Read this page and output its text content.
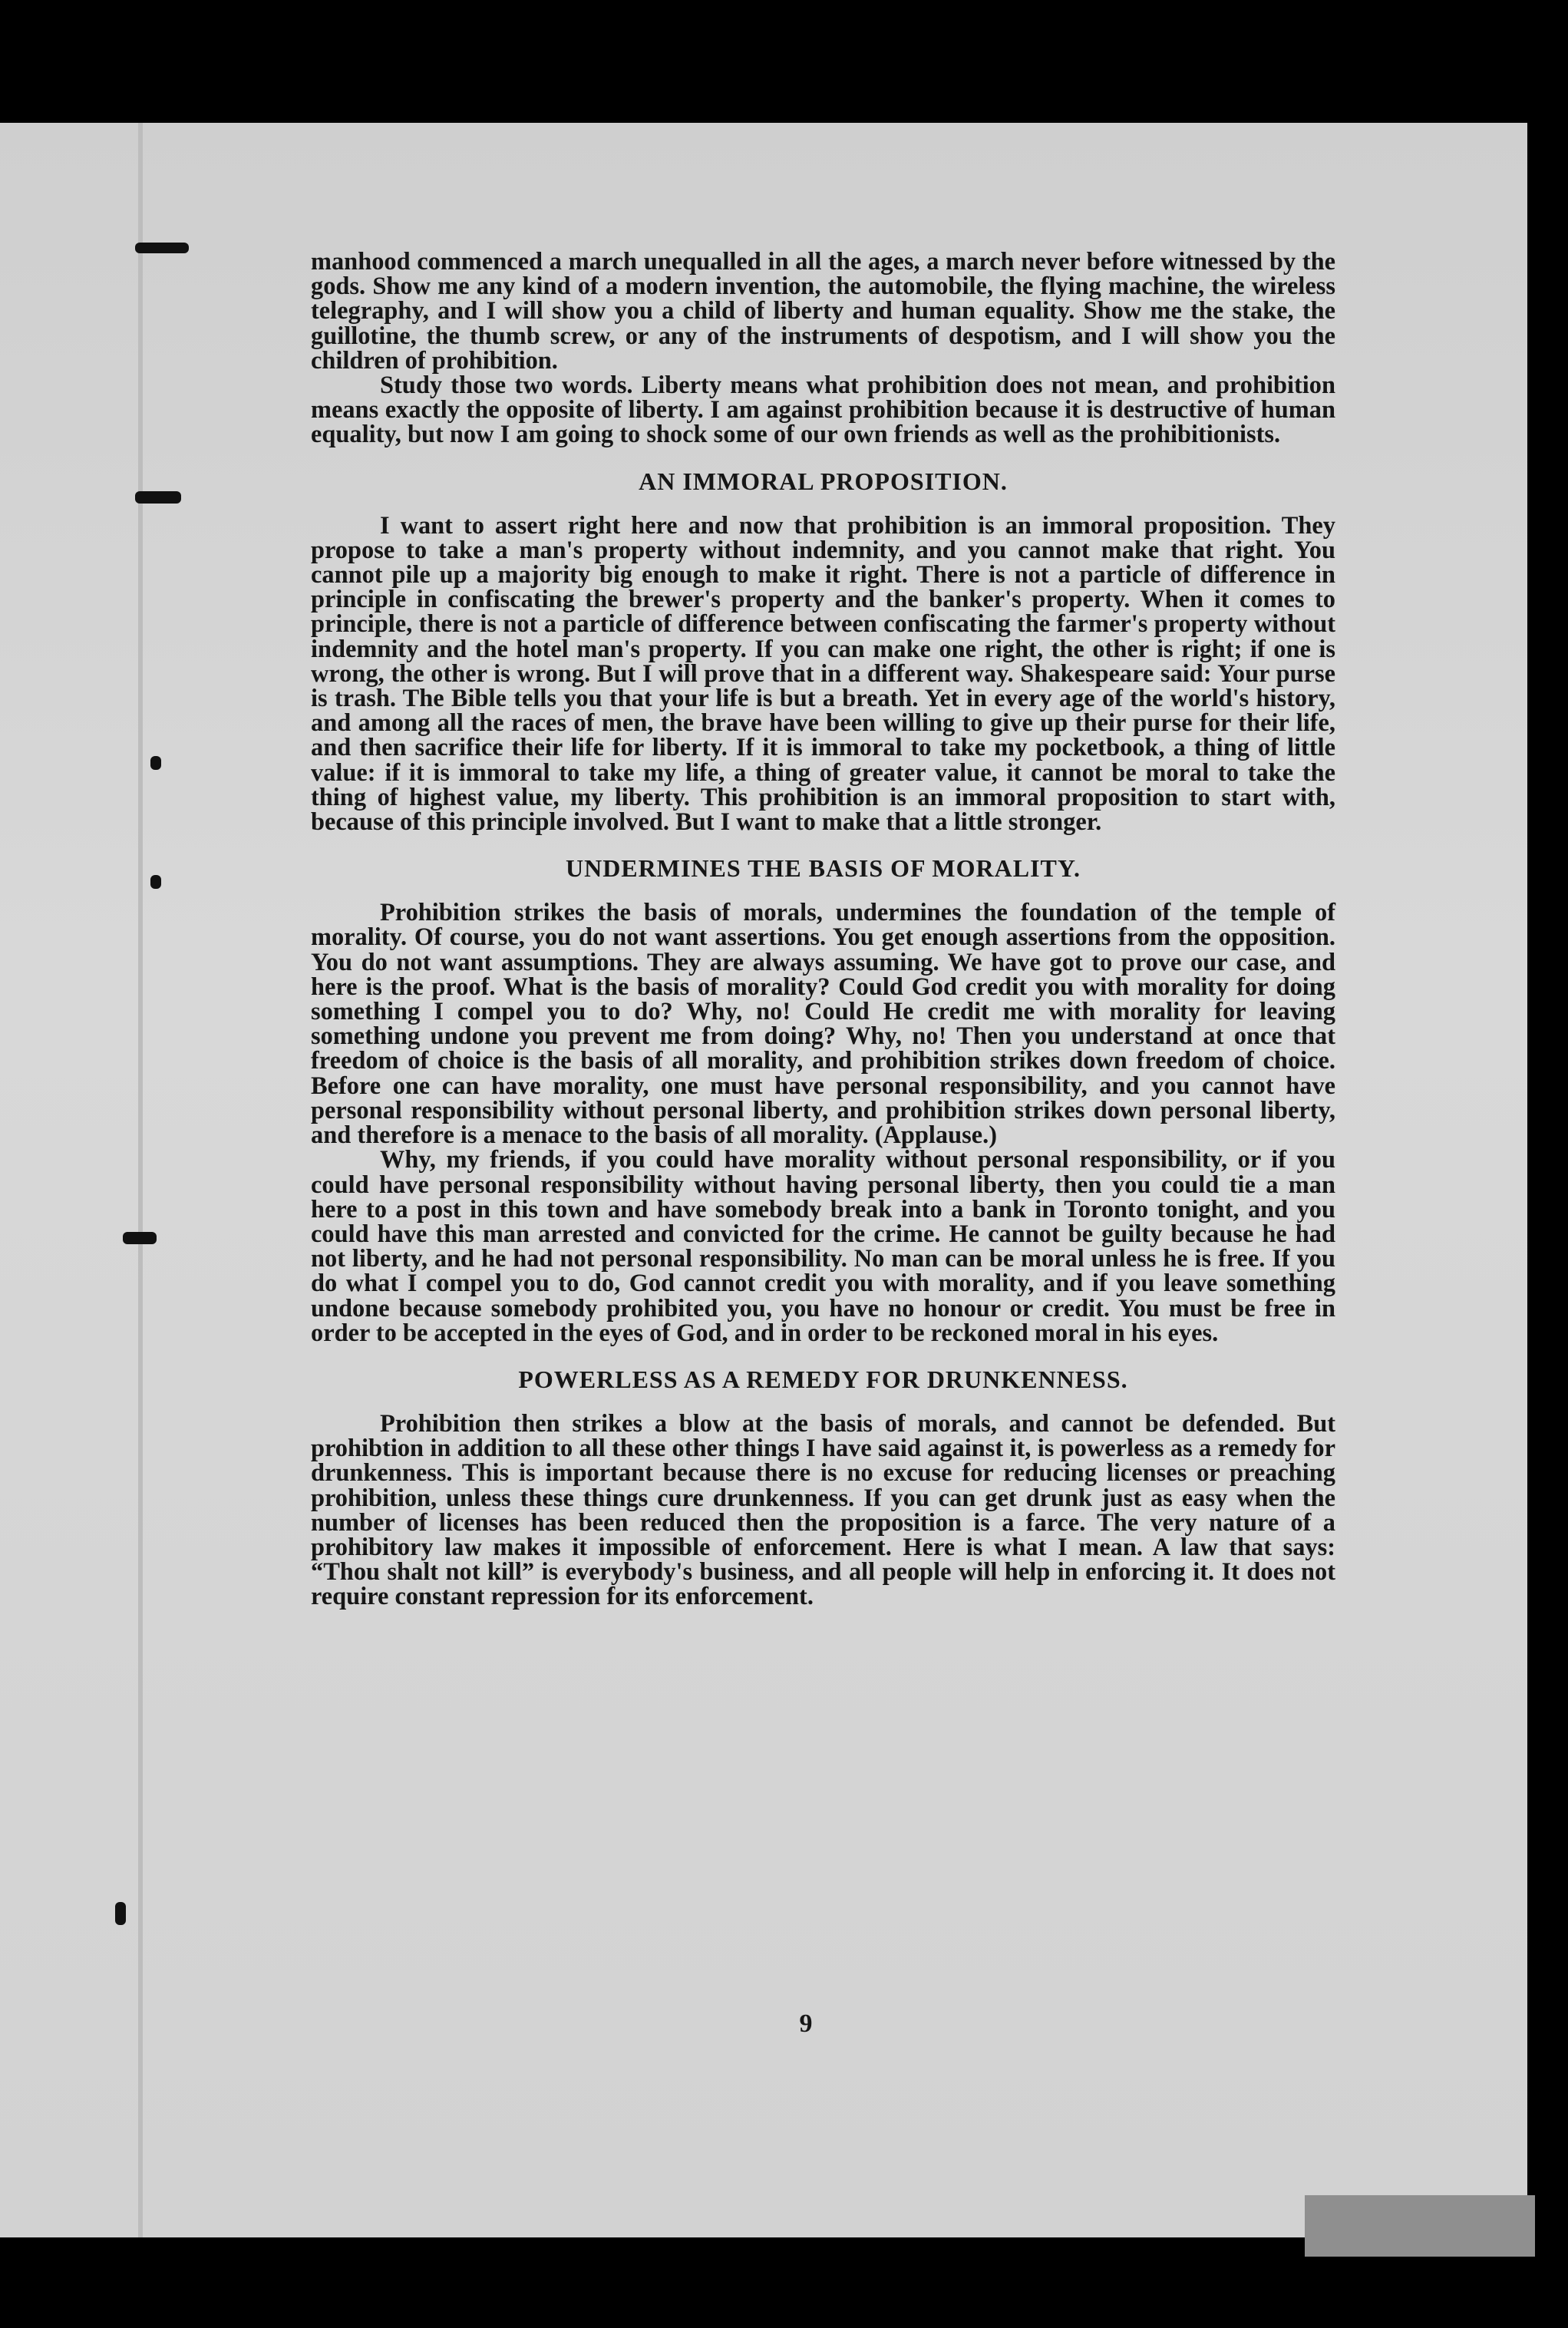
manhood commenced a march unequalled in all the ages, a march never before witnessed by the gods. Show me any kind of a modern invention, the automobile, the flying machine, the wireless telegraphy, and I will show you a child of liberty and human equality. Show me the stake, the guillotine, the thumb screw, or any of the instruments of despotism, and I will show you the children of prohibition.

Study those two words. Liberty means what prohibition does not mean, and prohibition means exactly the opposite of liberty. I am against prohibition because it is destructive of human equality, but now I am going to shock some of our own friends as well as the prohibitionists.

AN IMMORAL PROPOSITION.

I want to assert right here and now that prohibition is an immoral proposition. They propose to take a man's property without indemnity, and you cannot make that right. You cannot pile up a majority big enough to make it right. There is not a particle of difference in principle in confiscating the brewer's property and the banker's property. When it comes to principle, there is not a particle of difference between confiscating the farmer's property without indemnity and the hotel man's property. If you can make one right, the other is right; if one is wrong, the other is wrong. But I will prove that in a different way. Shakespeare said: Your purse is trash. The Bible tells you that your life is but a breath. Yet in every age of the world's history, and among all the races of men, the brave have been willing to give up their purse for their life, and then sacrifice their life for liberty. If it is immoral to take my pocketbook, a thing of little value: if it is immoral to take my life, a thing of greater value, it cannot be moral to take the thing of highest value, my liberty. This prohibition is an immoral proposition to start with, because of this principle involved. But I want to make that a little stronger.

UNDERMINES THE BASIS OF MORALITY.

Prohibition strikes the basis of morals, undermines the foundation of the temple of morality. Of course, you do not want assertions. You get enough assertions from the opposition. You do not want assumptions. They are always assuming. We have got to prove our case, and here is the proof. What is the basis of morality? Could God credit you with morality for doing something I compel you to do? Why, no! Could He credit me with morality for leaving something undone you prevent me from doing? Why, no! Then you understand at once that freedom of choice is the basis of all morality, and prohibition strikes down freedom of choice. Before one can have morality, one must have personal responsibility, and you cannot have personal responsibility without personal liberty, and prohibition strikes down personal liberty, and therefore is a menace to the basis of all morality. (Applause.)

Why, my friends, if you could have morality without personal responsibility, or if you could have personal responsibility without having personal liberty, then you could tie a man here to a post in this town and have somebody break into a bank in Toronto tonight, and you could have this man arrested and convicted for the crime. He cannot be guilty because he had not liberty, and he had not personal responsibility. No man can be moral unless he is free. If you do what I compel you to do, God cannot credit you with morality, and if you leave something undone because somebody prohibited you, you have no honour or credit. You must be free in order to be accepted in the eyes of God, and in order to be reckoned moral in his eyes.

POWERLESS AS A REMEDY FOR DRUNKENNESS.

Prohibition then strikes a blow at the basis of morals, and cannot be defended. But prohibtion in addition to all these other things I have said against it, is powerless as a remedy for drunkenness. This is important because there is no excuse for reducing licenses or preaching prohibition, unless these things cure drunkenness. If you can get drunk just as easy when the number of licenses has been reduced then the proposition is a farce. The very nature of a prohibitory law makes it impossible of enforcement. Here is what I mean. A law that says: “Thou shalt not kill” is everybody's business, and all people will help in enforcing it. It does not require constant repression for its enforcement.

9
